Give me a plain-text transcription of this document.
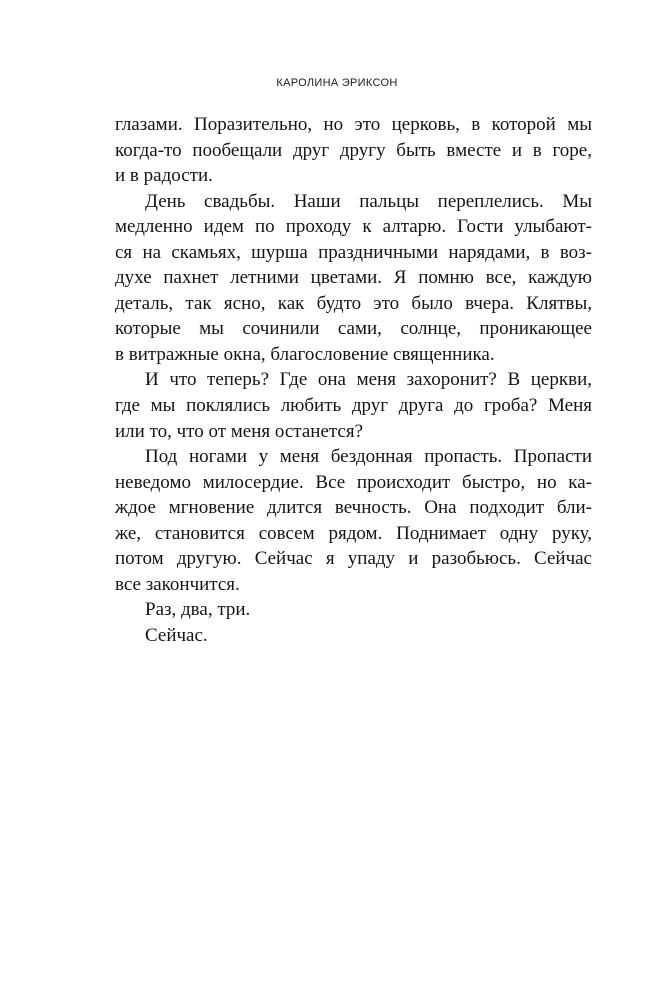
КАРОЛИНА ЭРИКСОН
глазами. Поразительно, но это церковь, в которой мы
когда-то пообещали друг другу быть вместе и в горе,
и в радости.
День свадьбы. Наши пальцы переплелись. Мы
медленно идем по проходу к алтарю. Гости улыбают-
ся на скамьях, шурша праздничными нарядами, в воз-
духе пахнет летними цветами. Я помню все, каждую
деталь, так ясно, как будто это было вчера. Клятвы,
которые мы сочинили сами, солнце, проникающее
в витражные окна, благословение священника.
И что теперь? Где она меня захоронит? В церкви,
где мы поклялись любить друг друга до гроба? Меня
или то, что от меня останется?
Под ногами у меня бездонная пропасть. Пропасти
неведомо милосердие. Все происходит быстро, но ка-
ждое мгновение длится вечность. Она подходит бли-
же, становится совсем рядом. Поднимает одну руку,
потом другую. Сейчас я упаду и разобьюсь. Сейчас
все закончится.
Раз, два, три.
Сейчас.
